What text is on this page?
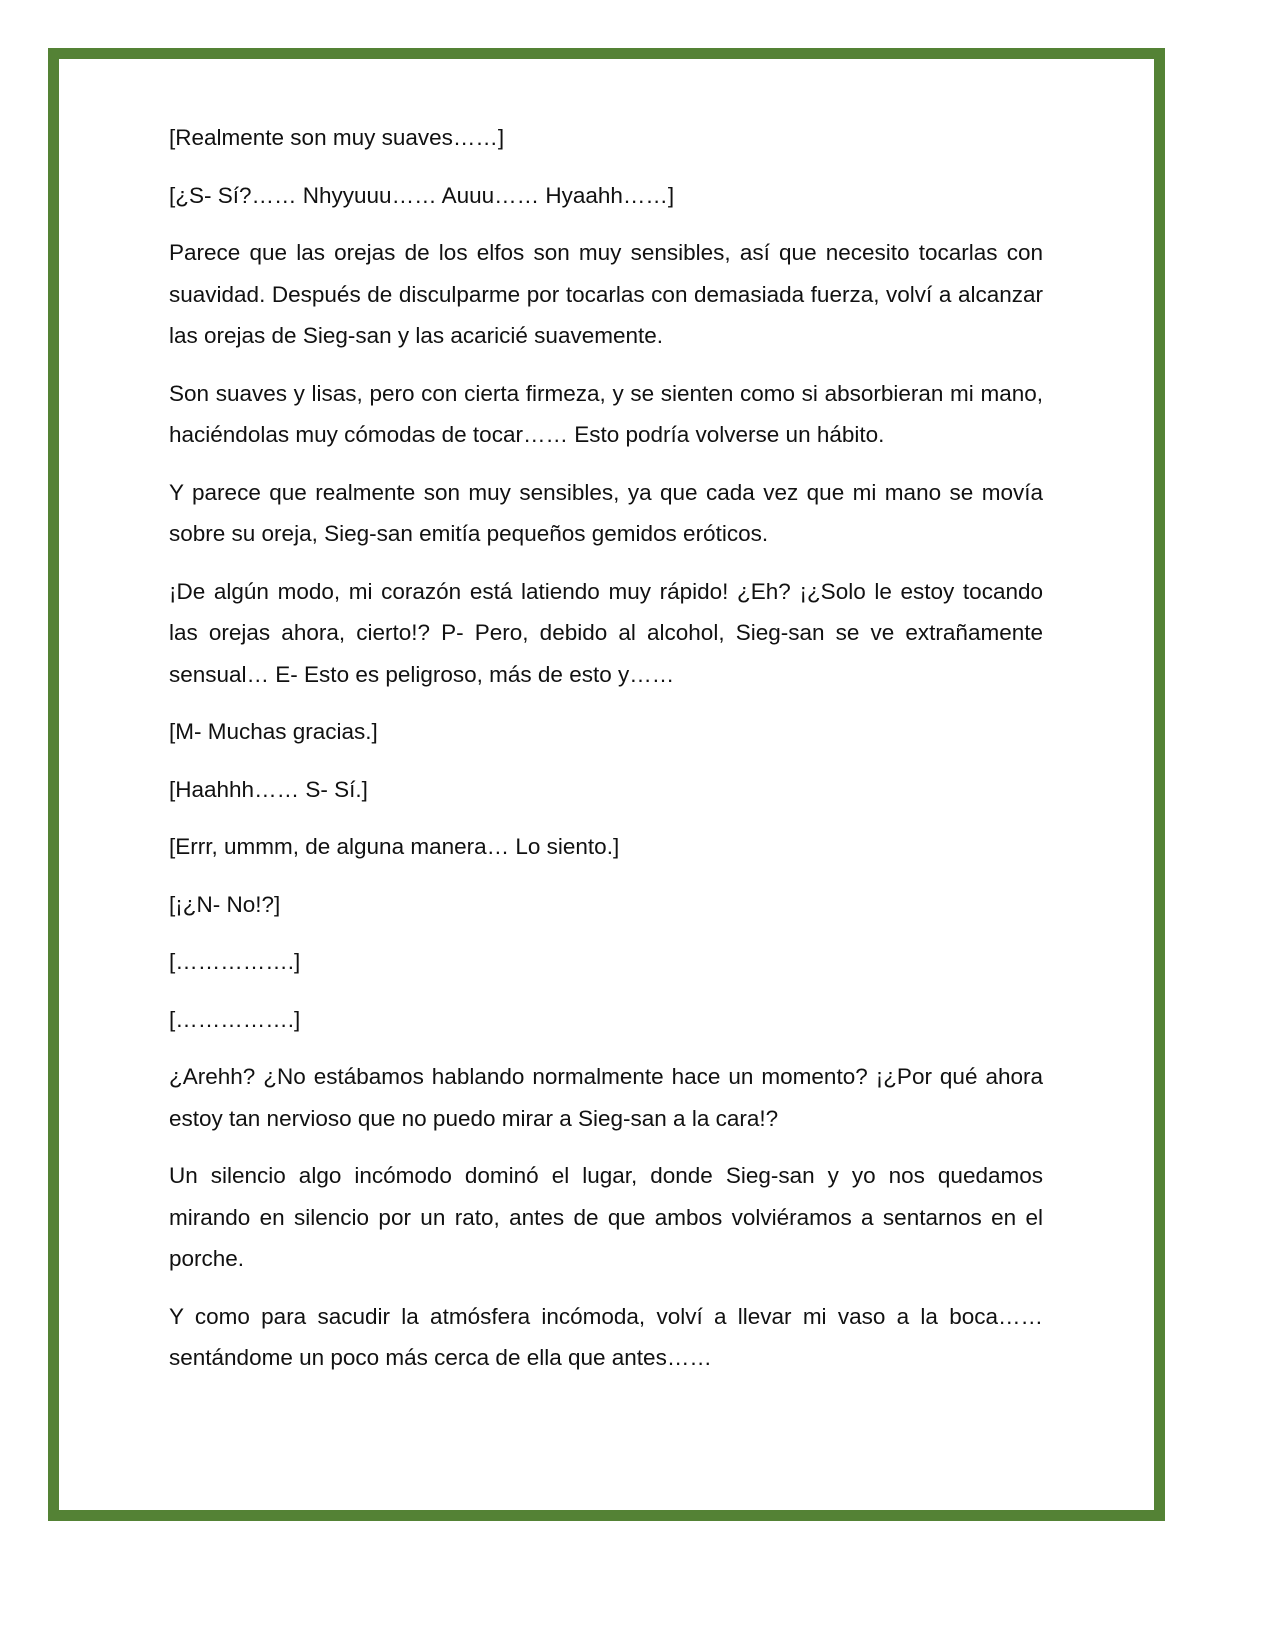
[Realmente son muy suaves……]

[¿S- Sí?…… Nhyyuuu…… Auuu…… Hyaahh……]

Parece que las orejas de los elfos son muy sensibles, así que necesito tocarlas con suavidad. Después de disculparme por tocarlas con demasiada fuerza, volví a alcanzar las orejas de Sieg-san y las acaricié suavemente.

Son suaves y lisas, pero con cierta firmeza, y se sienten como si absorbieran mi mano, haciéndolas muy cómodas de tocar…… Esto podría volverse un hábito.

Y parece que realmente son muy sensibles, ya que cada vez que mi mano se movía sobre su oreja, Sieg-san emitía pequeños gemidos eróticos.

¡De algún modo, mi corazón está latiendo muy rápido! ¿Eh? ¡¿Solo le estoy tocando las orejas ahora, cierto!? P- Pero, debido al alcohol, Sieg-san se ve extrañamente sensual… E- Esto es peligroso, más de esto y……

[M- Muchas gracias.]

[Haahhh…… S- Sí.]

[Errr, ummm, de alguna manera… Lo siento.]

[¡¿N- No!?]

[…………….]

[…………….]

¿Arehh? ¿No estábamos hablando normalmente hace un momento? ¡¿Por qué ahora estoy tan nervioso que no puedo mirar a Sieg-san a la cara!?

Un silencio algo incómodo dominó el lugar, donde Sieg-san y yo nos quedamos mirando en silencio por un rato, antes de que ambos volviéramos a sentarnos en el porche.

Y como para sacudir la atmósfera incómoda, volví a llevar mi vaso a la boca…… sentándome un poco más cerca de ella que antes……
